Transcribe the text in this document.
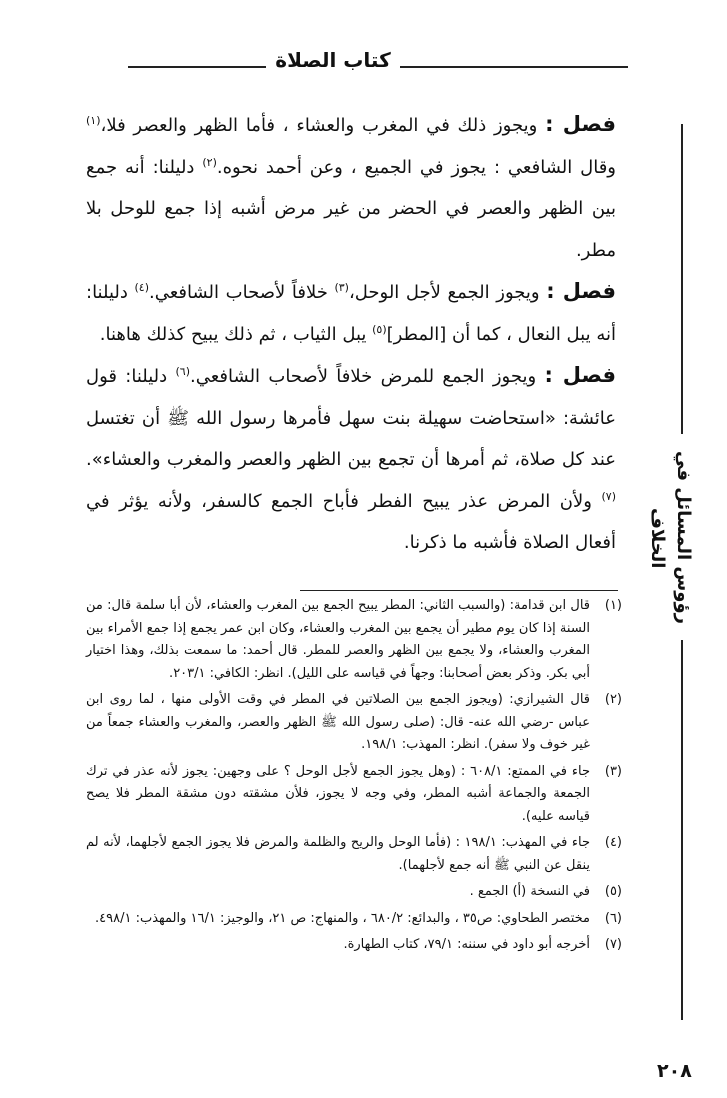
كتاب الصلاة
رؤوس المسائل في الخلاف

فصل : ويجوز ذلك في المغرب والعشاء ، فأما الظهر والعصر فلا،$^{(١)}$ وقال الشافعي : يجوز في الجميع ، وعن أحمد نحوه.$^{(٢)}$ دليلنا: أنه جمع بين الظهر والعصر في الحضر من غير مرض أشبه إذا جمع للوحل بلا مطر.

فصل : ويجوز الجمع لأجل الوحل،$^{(٣)}$ خلافاً لأصحاب الشافعي.$^{(٤)}$ دليلنا: أنه يبل النعال ، كما أن [المطر]$^{(٥)}$ يبل الثياب ، ثم ذلك يبيح كذلك هاهنا.

فصل : ويجوز الجمع للمرض خلافاً لأصحاب الشافعي.$^{(٦)}$ دليلنا: قول عائشة: «استحاضت سهيلة بنت سهل فأمرها رسول الله ﷺ أن تغتسل عند كل صلاة، ثم أمرها أن تجمع بين الظهر والعصر والمغرب والعشاء».$^{(٧)}$ ولأن المرض عذر يبيح الفطر فأباح الجمع كالسفر، ولأنه يؤثر في أفعال الصلاة فأشبه ما ذكرنا.

(١)
قال ابن قدامة: (والسبب الثاني: المطر يبيح الجمع بين المغرب والعشاء، لأن أبا سلمة قال: من السنة إذا كان يوم مطير أن يجمع بين المغرب والعشاء، وكان ابن عمر يجمع إذا جمع الأمراء بين المغرب والعشاء، ولا يجمع بين الظهر والعصر للمطر. قال أحمد: ما سمعت بذلك، وهذا اختيار أبي بكر. وذكر بعض أصحابنا: وجهاً في قياسه على الليل). انظر: الكافي: ٢٠٣/١.

(٢)
قال الشيرازي: (ويجوز الجمع بين الصلاتين في المطر في وقت الأولى منها ، لما روى ابن عباس -رضي الله عنه- قال: (صلى رسول الله ﷺ الظهر والعصر، والمغرب والعشاء جمعاً من غير خوف ولا سفر). انظر: المهذب: ١٩٨/١.

(٣)
جاء في الممتع: ٦٠٨/١ : (وهل يجوز الجمع لأجل الوحل ؟ على وجهين: يجوز لأنه عذر في ترك الجمعة والجماعة أشبه المطر، وفي وجه لا يجوز، فلأن مشقته دون مشقة المطر فلا يصح قياسه عليه).

(٤)
جاء في المهذب: ١٩٨/١ : (فأما الوحل والريح والظلمة والمرض فلا يجوز الجمع لأجلهما، لأنه لم ينقل عن النبي ﷺ أنه جمع لأجلهما).

(٥)
في النسخة (أ) الجمع .

(٦)
مختصر الطحاوي: ص٣٥ ، والبدائع: ٦٨٠/٢ ، والمنهاج: ص ٢١، والوجيز: ١٦/١ والمهذب: ٤٩٨/١.

(٧)
أخرجه أبو داود في سننه: ٧٩/١، كتاب الطهارة.

٢٠٨
